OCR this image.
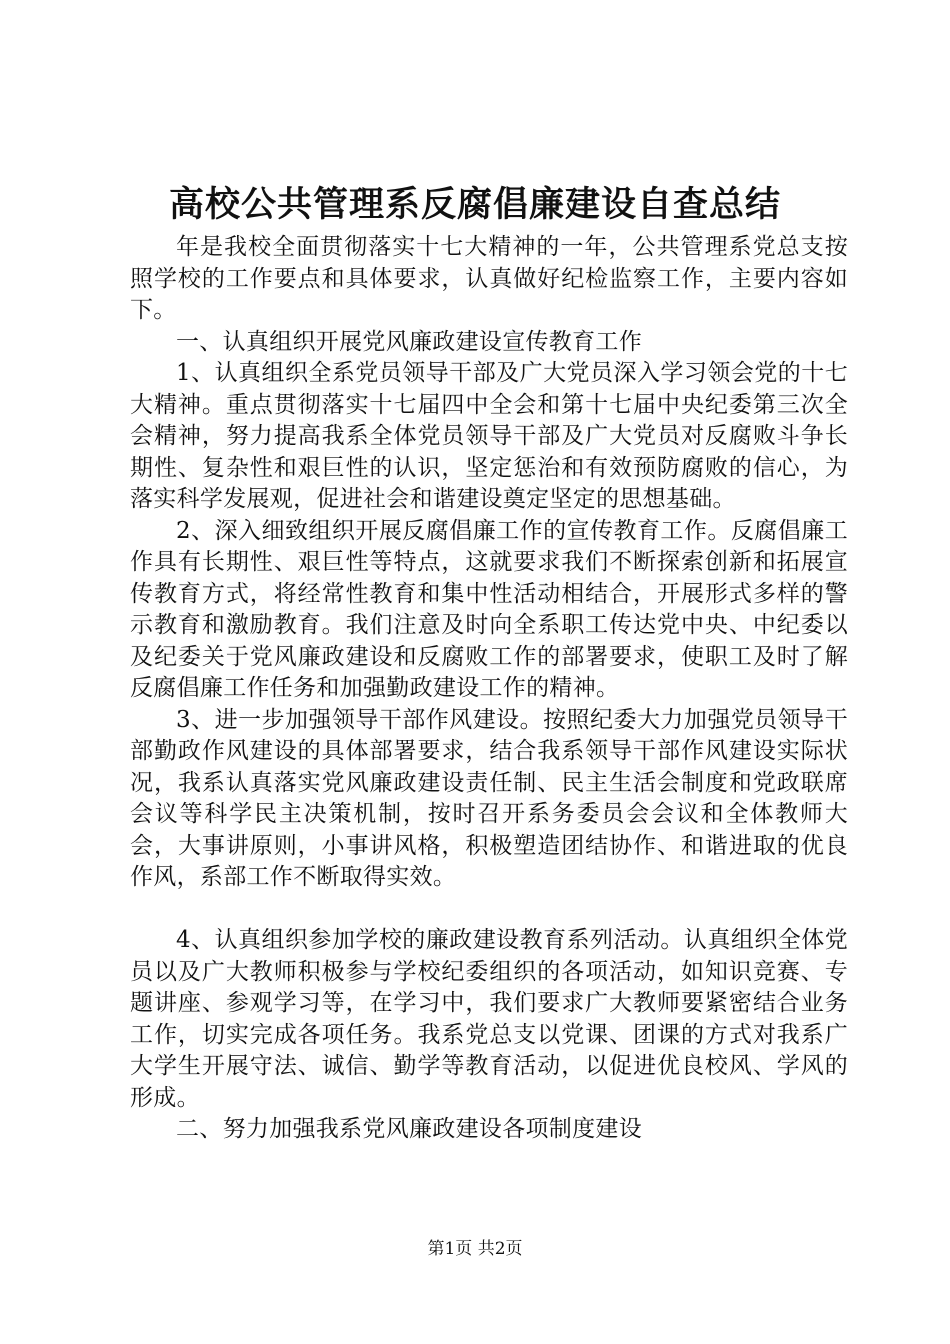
高校公共管理系反腐倡廉建设自查总结

年是我校全面贯彻落实十七大精神的一年，公共管理系党总支按照学校的工作要点和具体要求，认真做好纪检监察工作，主要内容如下。

一、认真组织开展党风廉政建设宣传教育工作

1、认真组织全系党员领导干部及广大党员深入学习领会党的十七大精神。重点贯彻落实十七届四中全会和第十七届中央纪委第三次全会精神，努力提高我系全体党员领导干部及广大党员对反腐败斗争长期性、复杂性和艰巨性的认识，坚定惩治和有效预防腐败的信心，为落实科学发展观，促进社会和谐建设奠定坚定的思想基础。

2、深入细致组织开展反腐倡廉工作的宣传教育工作。反腐倡廉工作具有长期性、艰巨性等特点，这就要求我们不断探索创新和拓展宣传教育方式，将经常性教育和集中性活动相结合，开展形式多样的警示教育和激励教育。我们注意及时向全系职工传达党中央、中纪委以及纪委关于党风廉政建设和反腐败工作的部署要求，使职工及时了解反腐倡廉工作任务和加强勤政建设工作的精神。

3、进一步加强领导干部作风建设。按照纪委大力加强党员领导干部勤政作风建设的具体部署要求，结合我系领导干部作风建设实际状况，我系认真落实党风廉政建设责任制、民主生活会制度和党政联席会议等科学民主决策机制，按时召开系务委员会会议和全体教师大会，大事讲原则，小事讲风格，积极塑造团结协作、和谐进取的优良作风，系部工作不断取得实效。

4、认真组织参加学校的廉政建设教育系列活动。认真组织全体党员以及广大教师积极参与学校纪委组织的各项活动，如知识竞赛、专题讲座、参观学习等，在学习中，我们要求广大教师要紧密结合业务工作，切实完成各项任务。我系党总支以党课、团课的方式对我系广大学生开展守法、诚信、勤学等教育活动，以促进优良校风、学风的形成。

二、努力加强我系党风廉政建设各项制度建设

第1页 共2页
